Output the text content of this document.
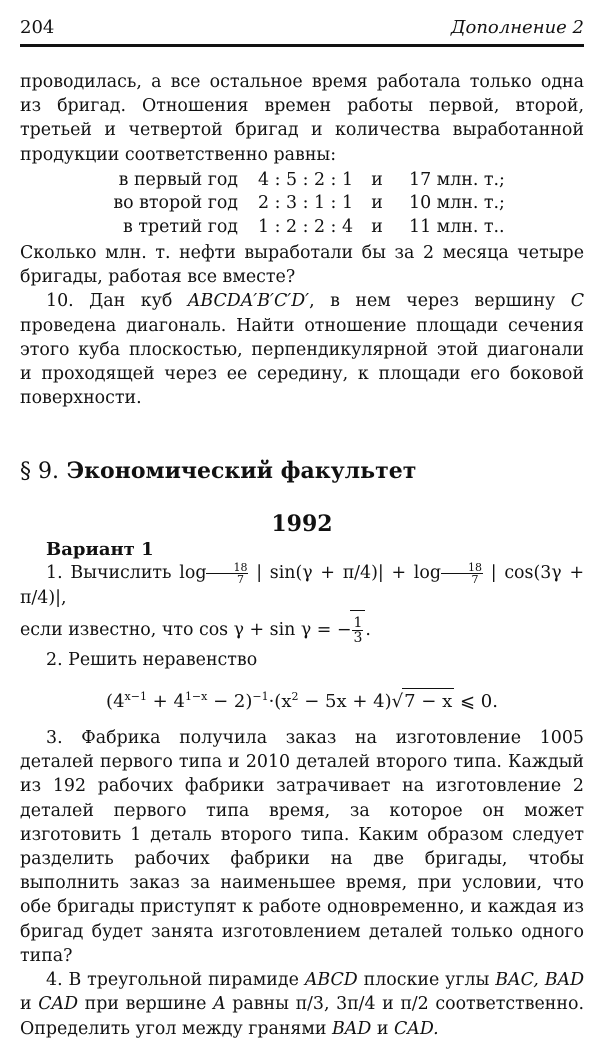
204	Дополнение 2

проводилась, а все остальное время работала только одна из бригад. Отношения времен работы первой, второй, третьей и четвертой бригад и количества выработанной продукции соответственно равны:

в первый год	4 : 5 : 2 : 1	и	17 млн. т.;
во второй год	2 : 3 : 1 : 1	и	10 млн. т.;
в третий год	1 : 2 : 2 : 4	и	11 млн. т..

Сколько млн. т. нефти выработали бы за 2 месяца четыре бригады, работая все вместе?

10. Дан куб ABCDA′B′C′D′, в нем через вершину C проведена диагональ. Найти отношение площади сечения этого куба плоскостью, перпендикулярной этой диагонали и проходящей через ее середину, к площади его боковой поверхности.

§ 9. Экономический факультет
1992
Вариант 1

1. Вычислить $\log \frac{18}{7}$ | $\sin(\gamma + \pi/4)| + \log \frac{18}{7}$ | cos(3γ + π/4)|,

если известно, что cos γ + sin γ = − $\frac{1}{3}$ .

2. Решить неравенство

$(4^{x-1} + 4^{1-x} - 2)^{-1}\cdot(x^2 - 5x + 4)√7 - x$ ⩽ 0.

3. Фабрика получила заказ на изготовление 1005 деталей первого типа и 2010 деталей второго типа. Каждый из 192 рабочих фабрики затрачивает на изготовление 2 деталей первого типа время, за которое он может изготовить 1 деталь второго типа. Каким образом следует разделить рабочих фабрики на две бригады, чтобы выполнить заказ за наименьшее время, при условии, что обе бригады приступят к работе одновременно, и каждая из бригад будет занята изготовлением деталей только одного типа?

4. В треугольной пирамиде ABCD плоские углы BAC, BAD и CAD при вершине A равны π/3, 3π/4 и π/2 соответственно. Определить угол между гранями BAD и CAD.
